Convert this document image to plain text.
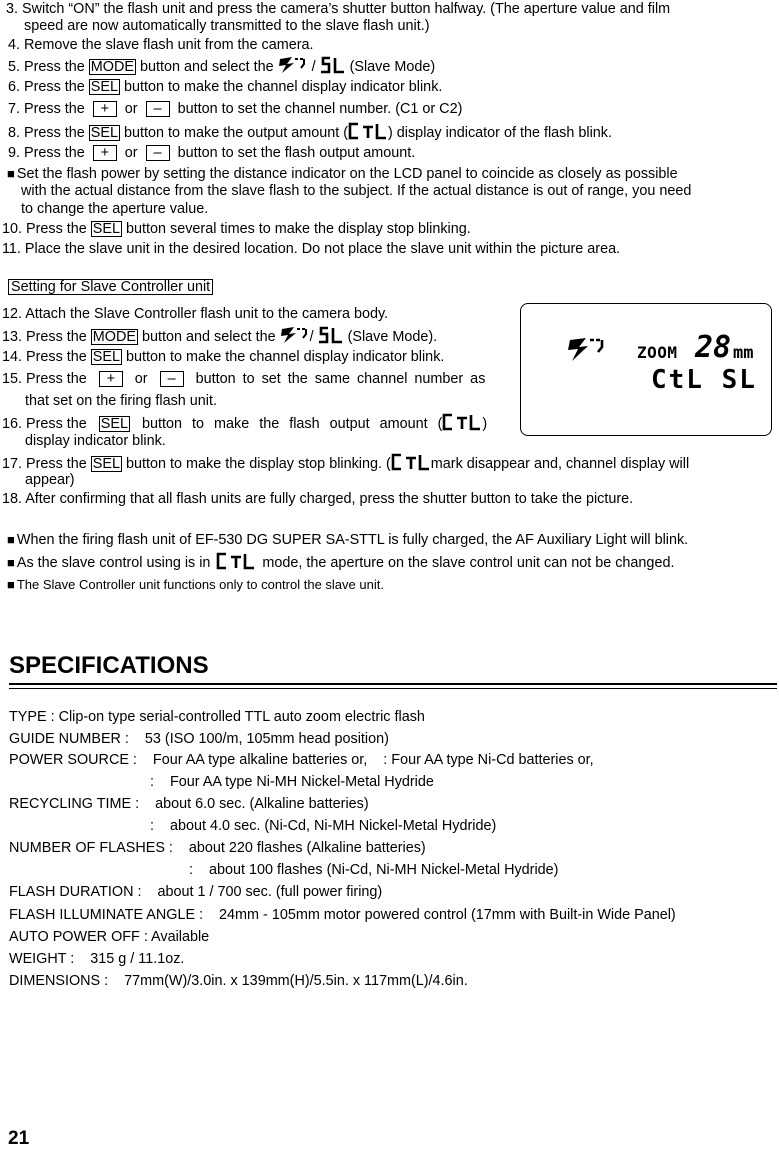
3. Switch “ON” the flash unit and press the camera’s shutter button halfway. (The aperture value and film
speed are now automatically transmitted to the slave flash unit.)
4. Remove the slave flash unit from the camera.
5. Press the MODE button and select the  /  (Slave Mode)
6. Press the SEL button to make the channel display indicator blink.
7. Press the + or – button to set the channel number. (C1 or C2)
8. Press the SEL button to make the output amount (	) display indicator of the flash blink.
9. Press the + or – button to set the flash output amount.
■ Set the flash power by setting the distance indicator on the LCD panel to coincide as closely as possible
with the actual distance from the slave flash to the subject. If the actual distance is out of range, you need
to change the aperture value.
10. Press the SEL button several times to make the display stop blinking.
11. Place the slave unit in the desired location. Do not place the slave unit within the picture area.
Setting for Slave Controller unit
12. Attach the Slave Controller flash unit to the camera body.
13. Press the MODE button and select the /  (Slave Mode).
14. Press the SEL button to make the channel display indicator blink.
15. Press the + or – button to set the same channel number as
that set on the firing flash unit.
16. Press the SEL button to make the flash output amount (	)
display indicator blink.
17. Press the SEL button to make the display stop blinking. (	mark disappear and, channel display will
appear)
18. After confirming that all flash units are fully charged, press the shutter button to take the picture.
ZOOM 28 mm
CtL SL
■ When the firing flash unit of EF-530 DG SUPER SA-STTL is fully charged, the AF Auxiliary Light will blink.
■ As the slave control using is in	mode, the aperture on the slave control unit can not be changed.
■ The Slave Controller unit functions only to control the slave unit.
SPECIFICATIONS
TYPE : Clip-on type serial-controlled TTL auto zoom electric flash
GUIDE NUMBER :    53 (ISO 100/m, 105mm head position)
POWER SOURCE :    Four AA type alkaline batteries or,    : Four AA type Ni-Cd batteries or,
:    Four AA type Ni-MH Nickel-Metal Hydride
RECYCLING TIME :    about 6.0 sec. (Alkaline batteries)
:    about 4.0 sec. (Ni-Cd, Ni-MH Nickel-Metal Hydride)
NUMBER OF FLASHES :    about 220 flashes (Alkaline batteries)
:    about 100 flashes (Ni-Cd, Ni-MH Nickel-Metal Hydride)
FLASH DURATION :    about 1 / 700 sec. (full power firing)
FLASH ILLUMINATE ANGLE :    24mm - 105mm motor powered control (17mm with Built-in Wide Panel)
AUTO POWER OFF : Available
WEIGHT :    315 g / 11.1oz.
DIMENSIONS :    77mm(W)/3.0in. x 139mm(H)/5.5in. x 117mm(L)/4.6in.
21
